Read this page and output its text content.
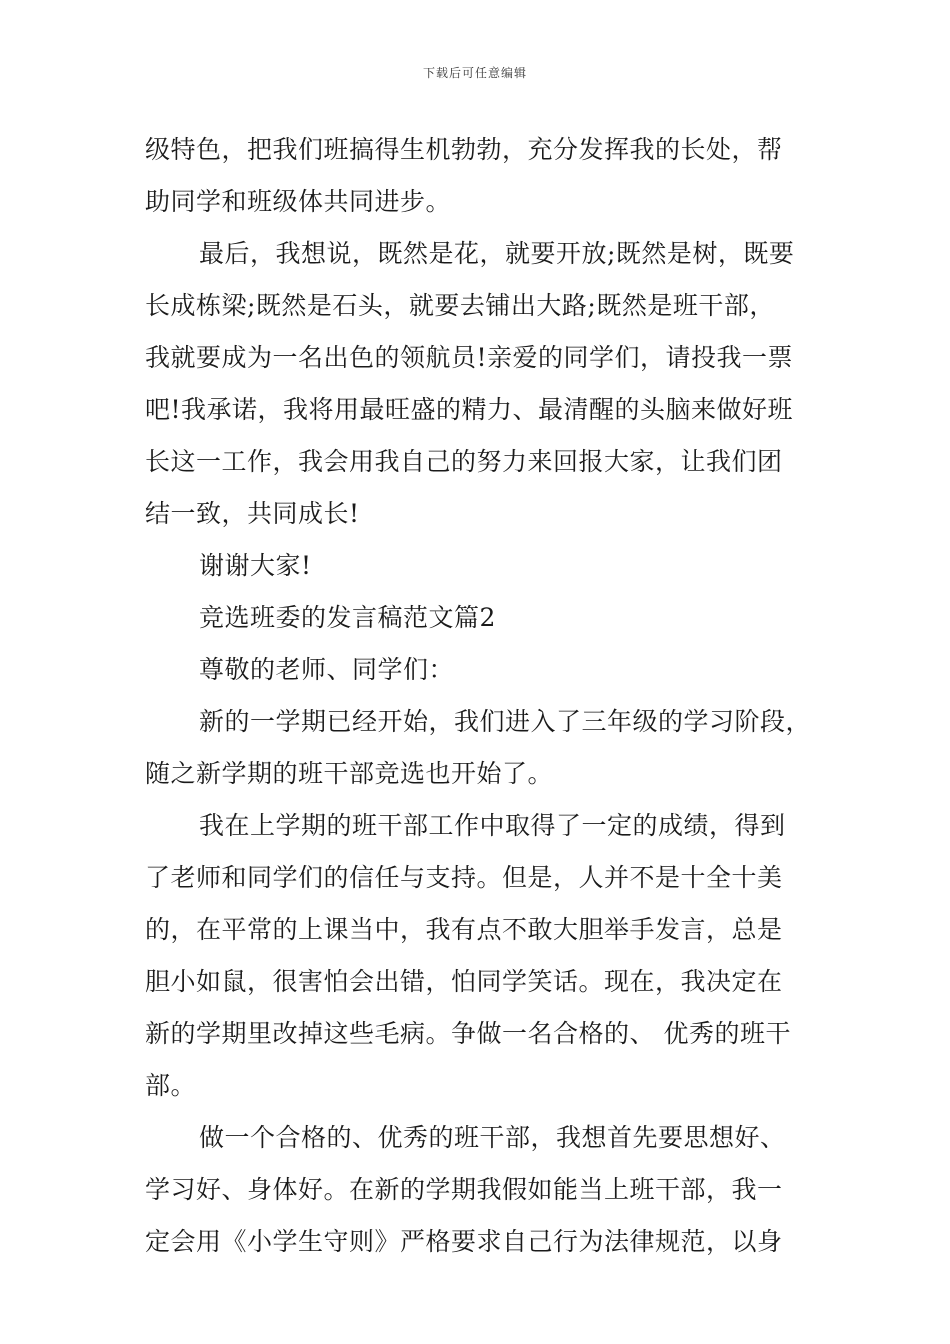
下载后可任意编辑
级特色，把我们班搞得生机勃勃，充分发挥我的长处，帮
助同学和班级体共同进步。
最后，我想说，既然是花，就要开放;既然是树，既要
长成栋梁;既然是石头，就要去铺出大路;既然是班干部，
我就要成为一名出色的领航员!亲爱的同学们，请投我一票
吧!我承诺，我将用最旺盛的精力、最清醒的头脑来做好班
长这一工作，我会用我自己的努力来回报大家，让我们团
结一致，共同成长!
谢谢大家!
竞选班委的发言稿范文篇2
尊敬的老师、同学们：
新的一学期已经开始，我们进入了三年级的学习阶段，
随之新学期的班干部竞选也开始了。
我在上学期的班干部工作中取得了一定的成绩，得到
了老师和同学们的信任与支持。但是，人并不是十全十美
的，在平常的上课当中，我有点不敢大胆举手发言，总是
胆小如鼠，很害怕会出错，怕同学笑话。现在，我决定在
新的学期里改掉这些毛病。争做一名合格的、 优秀的班干
部。
做一个合格的、优秀的班干部，我想首先要思想好、
学习好、身体好。在新的学期我假如能当上班干部，我一
定会用《小学生守则》严格要求自己行为法律规范，以身
